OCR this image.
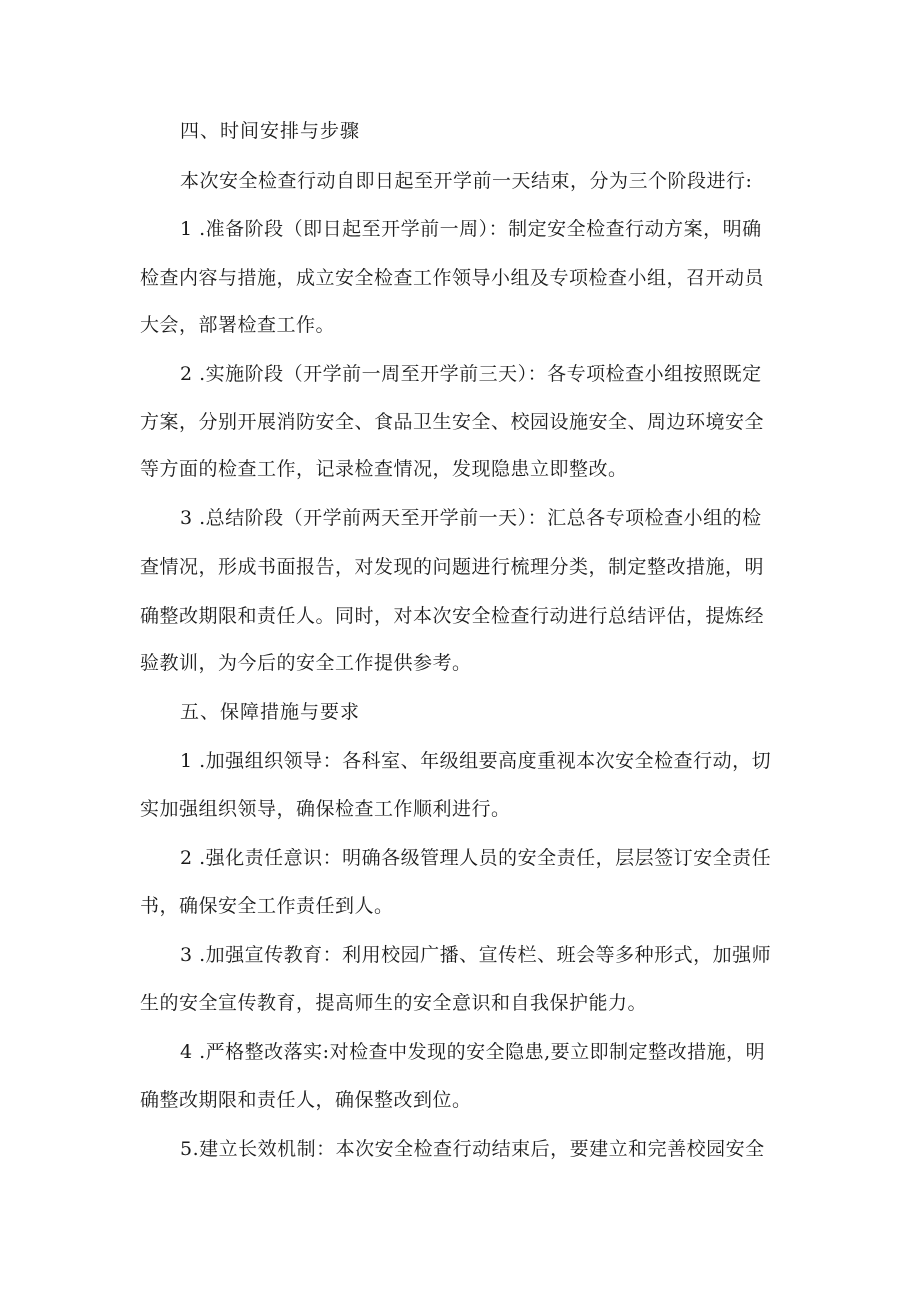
四、时间安排与步骤
本次安全检查行动自即日起至开学前一天结束，分为三个阶段进行:
1 .准备阶段（即日起至开学前一周）：制定安全检查行动方案，明确
检查内容与措施，成立安全检查工作领导小组及专项检查小组，召开动员
大会，部署检查工作。
2 .实施阶段（开学前一周至开学前三天）：各专项检查小组按照既定
方案，分别开展消防安全、食品卫生安全、校园设施安全、周边环境安全
等方面的检查工作，记录检查情况，发现隐患立即整改。
3 .总结阶段（开学前两天至开学前一天）：汇总各专项检查小组的检
查情况，形成书面报告，对发现的问题进行梳理分类，制定整改措施，明
确整改期限和责任人。同时，对本次安全检查行动进行总结评估，提炼经
验教训，为今后的安全工作提供参考。
五、保障措施与要求
1 .加强组织领导：各科室、年级组要高度重视本次安全检查行动，切
实加强组织领导，确保检查工作顺利进行。
2 .强化责任意识：明确各级管理人员的安全责任，层层签订安全责任
书，确保安全工作责任到人。
3 .加强宣传教育：利用校园广播、宣传栏、班会等多种形式，加强师
生的安全宣传教育，提高师生的安全意识和自我保护能力。
4 .严格整改落实:对检查中发现的安全隐患,要立即制定整改措施，明
确整改期限和责任人，确保整改到位。
5.建立长效机制：本次安全检查行动结束后，要建立和完善校园安全
